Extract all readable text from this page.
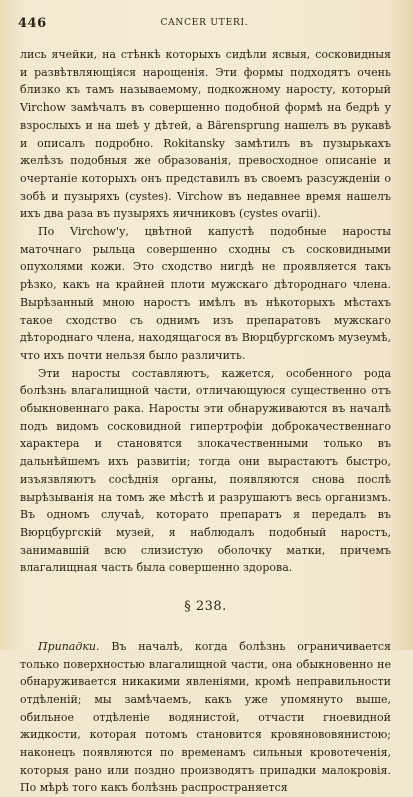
446	CANCER UTERI.

лись ячейки, на стѣнкѣ которыхъ сидѣли ясвыя, сосковидныя и развѣтвляющіяся нарощенія. Эти формы подходятъ очень близко къ тамъ называемому, подкожному наросту, который Virchow замѣчалъ въ совершенно подобной формѣ на бедрѣ у взрослыхъ и на шеѣ у дѣтей, а Bärensprung нашелъ въ рукавѣ и описалъ подробно. Rokitansky замѣтилъ въ пузырькахъ желѣзъ подобныя же образованія, превосходное описаніе и очертаніе которыхъ онъ представилъ въ своемъ разсужденіи о зобѣ и пузыряхъ (cystes). Virchow въ недавнее время нашелъ ихъ два раза въ пузыряхъ яичниковъ (cystes ovarii).

По Virchow'у, цвѣтной капустѣ подобные наросты маточнаго рыльца совершенно сходны съ сосковидными опухолями кожи. Это сходство нигдѣ не проявляется такъ рѣзко, какъ на крайней плоти мужскаго дѣтороднаго члена. Вырѣзанный мною наростъ имѣлъ въ нѣкоторыхъ мѣстахъ такое сходство съ однимъ изъ препаратовъ мужскаго дѣтороднаго члена, находящагося въ Вюрцбургскомъ музеумѣ, что ихъ почти нельзя было различить.

Эти наросты составляютъ, кажется, особенного рода болѣзнь влагалищной части, отличающуюся существенно отъ обыкновеннаго рака. Наросты эти обнаруживаются въ началѣ подъ видомъ сосковидной гипертрофіи доброкачественнаго характера и становятся злокачественными только въ дальнѣйшемъ ихъ развитіи; тогда они вырастаютъ быстро, изъязвляютъ сосѣднія органы, появляются снова послѣ вырѣзыванія на томъ же мѣстѣ и разрушаютъ весь организмъ. Въ одномъ случаѣ, которато препаратъ я передалъ въ Вюрцбургскій музей, я наблюдалъ подобный наростъ, занимавшій всю слизистую оболочку матки, причемъ влагалищная часть была совершенно здорова.

§ 238.

Припадки. Въ началѣ, когда болѣзнь ограничивается только поверхностью влагалищной части, она обыкновенно не обнаруживается никакими явленіями, кромѣ неправильности отдѣленій; мы замѣчаемъ, какъ уже упомянуто выше, обильное отдѣленіе водянистой, отчасти гноевидной жидкости, которая потомъ становится кровянововянистою; наконецъ появляются по временамъ сильныя кровотеченія, которыя рано или поздно производятъ припадки малокровія. По мѣрѣ того какъ болѣзнь распространяется
